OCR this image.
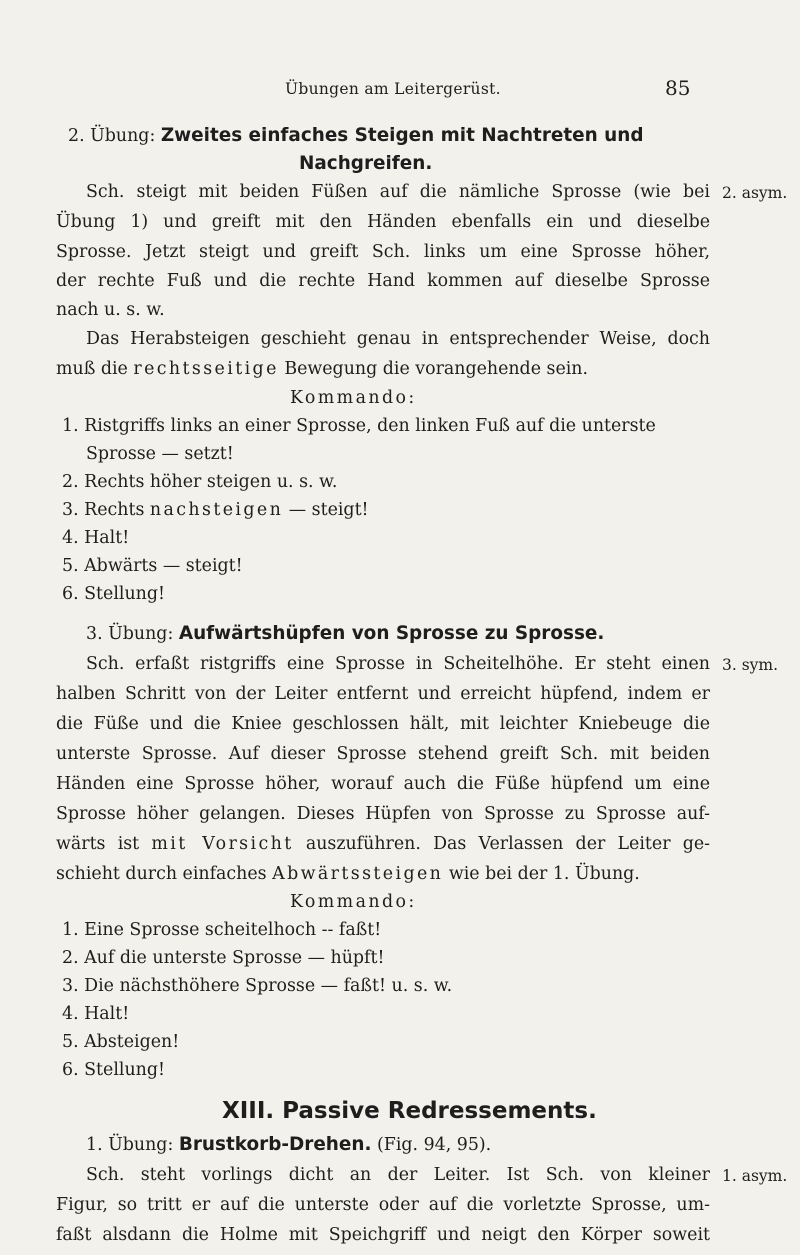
Übungen am Leitergerüst.	85
2. Übung: Zweites einfaches Steigen mit Nachtreten und
Nachgreifen.
Sch. steigt mit beiden Füßen auf die nämliche Sprosse (wie bei
Übung 1) und greift mit den Händen ebenfalls ein und dieselbe
Sprosse. Jetzt steigt und greift Sch. links um eine Sprosse höher,
der rechte Fuß und die rechte Hand kommen auf dieselbe Sprosse
nach u. s. w.
Das Herabsteigen geschieht genau in entsprechender Weise, doch
muß die rechtsseitige Bewegung die vorangehende sein.
Kommando:
1. Ristgriffs links an einer Sprosse, den linken Fuß auf die unterste
Sprosse — setzt!
2. Rechts höher steigen u. s. w.
3. Rechts nachsteigen — steigt!
4. Halt!
5. Abwärts — steigt!
6. Stellung!
3. Übung: Aufwärtshüpfen von Sprosse zu Sprosse.
Sch. erfaßt ristgriffs eine Sprosse in Scheitelhöhe. Er steht einen
halben Schritt von der Leiter entfernt und erreicht hüpfend, indem er
die Füße und die Kniee geschlossen hält, mit leichter Kniebeuge die
unterste Sprosse. Auf dieser Sprosse stehend greift Sch. mit beiden
Händen eine Sprosse höher, worauf auch die Füße hüpfend um eine
Sprosse höher gelangen. Dieses Hüpfen von Sprosse zu Sprosse auf-
wärts ist mit Vorsicht auszuführen. Das Verlassen der Leiter ge-
schieht durch einfaches Abwärtssteigen wie bei der 1. Übung.
Kommando:
1. Eine Sprosse scheitelhoch -- faßt!
2. Auf die unterste Sprosse — hüpft!
3. Die nächsthöhere Sprosse — faßt! u. s. w.
4. Halt!
5. Absteigen!
6. Stellung!
XIII. Passive Redressements.
1. Übung: Brustkorb-Drehen. (Fig. 94, 95).
Sch. steht vorlings dicht an der Leiter. Ist Sch. von kleiner
Figur, so tritt er auf die unterste oder auf die vorletzte Sprosse, um-
faßt alsdann die Holme mit Speichgriff und neigt den Körper soweit
2. asym.
3. sym.
1. asym.
